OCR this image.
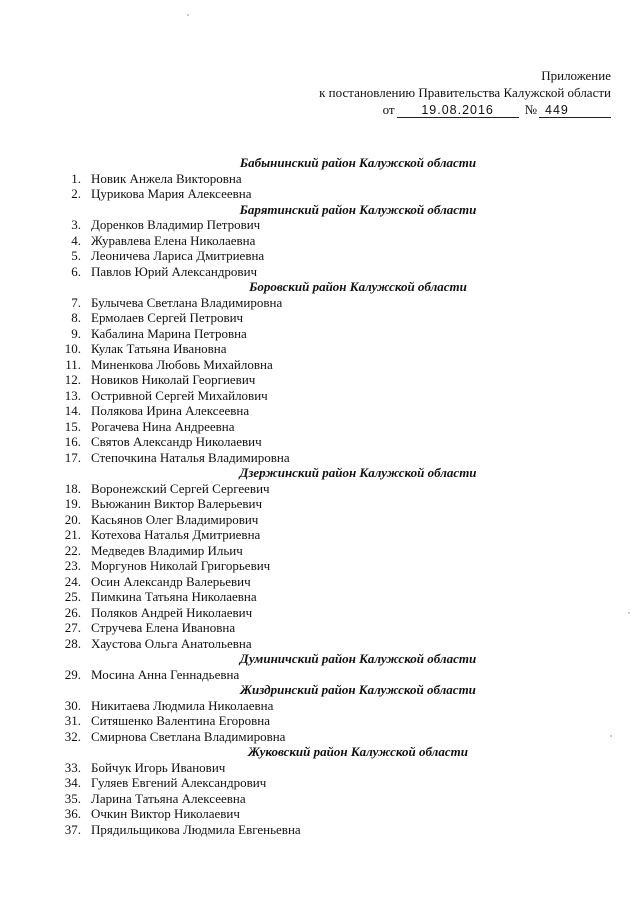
Приложение
к постановлению Правительства Калужской области
от 19.08.2016 № 449
Бабынинский район Калужской области
1. Новик Анжела Викторовна
2. Цурикова Мария Алексеевна
Барятинский район Калужской области
3. Доренков Владимир Петрович
4. Журавлева Елена Николаевна
5. Леоничева Лариса Дмитриевна
6. Павлов Юрий Александрович
Боровский район Калужской области
7. Булычева Светлана Владимировна
8. Ермолаев Сергей Петрович
9. Кабалина Марина Петровна
10. Кулак Татьяна Ивановна
11. Миненкова Любовь Михайловна
12. Новиков Николай Георгиевич
13. Остривной Сергей Михайлович
14. Полякова Ирина Алексеевна
15. Рогачева Нина Андреевна
16. Святов Александр Николаевич
17. Степочкина Наталья Владимировна
Дзержинский район Калужской области
18. Воронежский Сергей Сергеевич
19. Вьюжанин Виктор Валерьевич
20. Касьянов Олег Владимирович
21. Котехова Наталья Дмитриевна
22. Медведев Владимир Ильич
23. Моргунов Николай Григорьевич
24. Осин Александр Валерьевич
25. Пимкина Татьяна Николаевна
26. Поляков Андрей Николаевич
27. Стручева Елена Ивановна
28. Хаустова Ольга Анатольевна
Думиничский район Калужской области
29. Мосина Анна Геннадьевна
Жиздринский район Калужской области
30. Никитаева Людмила Николаевна
31. Ситяшенко Валентина Егоровна
32. Смирнова Светлана Владимировна
Жуковский район Калужской области
33. Бойчук Игорь Иванович
34. Гуляев Евгений Александрович
35. Ларина Татьяна Алексеевна
36. Очкин Виктор Николаевич
37. Прядильщикова Людмила Евгеньевна
